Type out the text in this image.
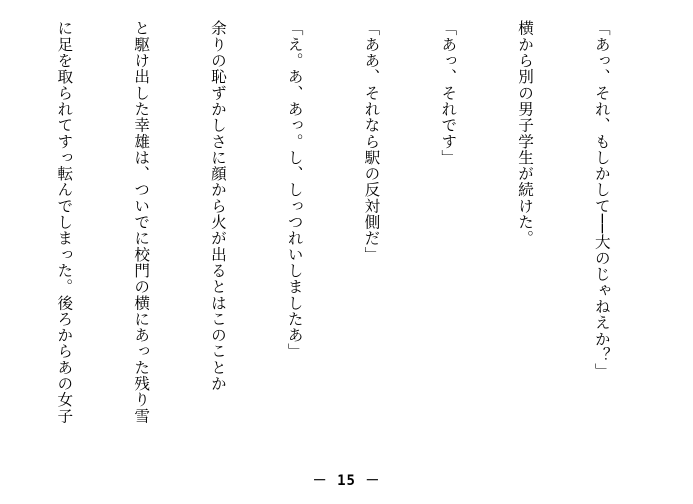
「あっ、それ、もしかして──大のじゃねえか？」

横から別の男子学生が続けた。

「あっ、それです」

「ああ、それなら駅の反対側だ」

「え。あ、あっ。し、しっつれいしましたあ」

余りの恥ずかしさに顔から火が出るとはこのことか

と駆け出した幸雄は、ついでに校門の横にあった残り雪

に足を取られてすっ転んでしまった。後ろからあの女子

－ 15 －
